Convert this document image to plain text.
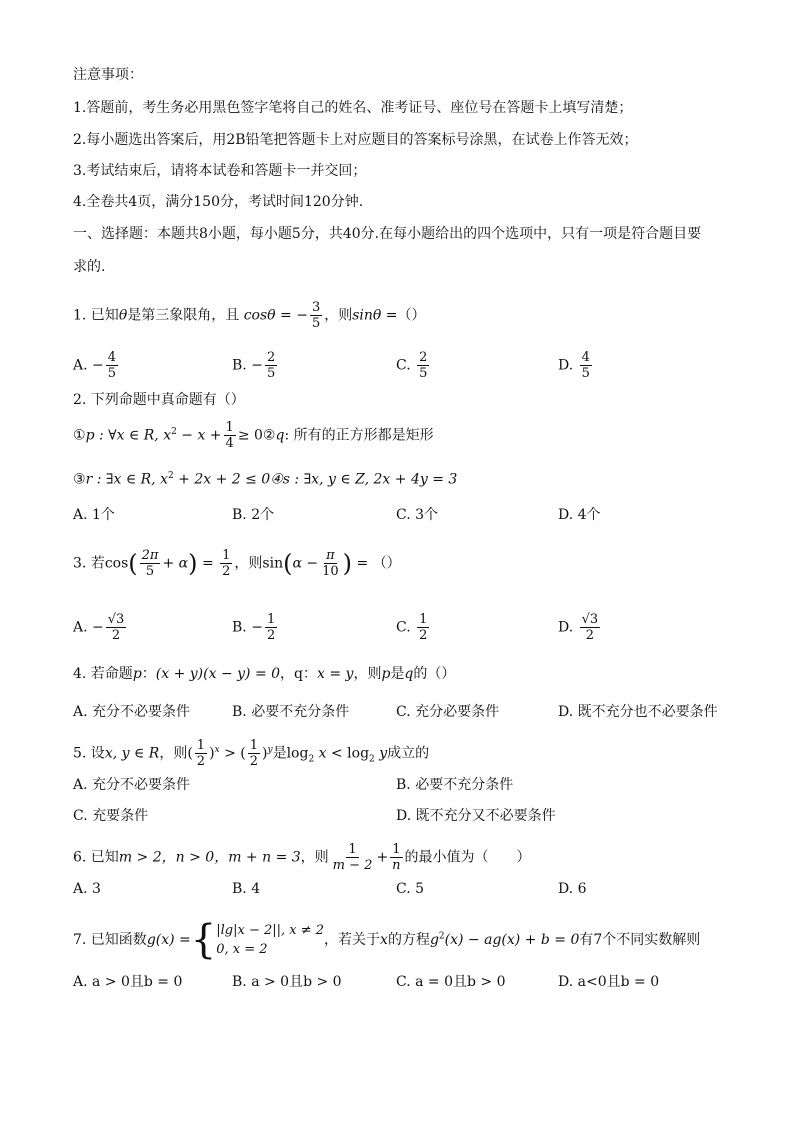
注意事项：
1.答题前，考生务必用黑色签字笔将自己的姓名、准考证号、座位号在答题卡上填写清楚；
2.每小题选出答案后，用2B铅笔把答题卡上对应题目的答案标号涂黑，在试卷上作答无效；
3.考试结束后，请将本试卷和答题卡一并交回；
4.全卷共4页，满分150分，考试时间120分钟.
一、选择题：本题共8小题，每小题5分，共40分.在每小题给出的四个选项中，只有一项是符合题目要
求的.
1. 已知θ是第三象限角，且 cosθ = − $\frac{3}{5}$ ，则sinθ =（）
A. − $\frac{4}{5}$	B. − $\frac{2}{5}$	C. $\frac{2}{5}$	D. $\frac{4}{5}$
2. 下列命题中真命题有（）
①p : ∀x ∈ R, $x^2 - x + \frac{1}{4}$ ≥ 0②q: 所有的正方形都是矩形
③r : ∃x ∈ R, $x^2 + 2x + 2$ ≤ 0④s : ∃x, y ∈ Z, 2x + 4y = 3
A. 1个	B. 2个	C. 3个	D. 4个
3. 若$\cos( \frac{2\pi}{5} + \alpha) = \frac{1}{2}$ ，则$\sin(\alpha - \frac{\pi}{10}$ ) = （）
A. − $\frac{√3}{2}$	B. − $\frac{1}{2}$	C. $\frac{1}{2}$	D. $\frac{√3}{2}$
4. 若命题p：(x + y)(x − y) = 0，q：x = y，则p是q的（）
A. 充分不必要条件	B. 必要不充分条件	C. 充分必要条件	D. 既不充分也不必要条件
5. 设x, y ∈ R，则( $\frac{1}{2} )^x$ > ( $\frac{1}{2} )^y$是$\log_2 x < \log_2 y$成立的
A. 充分不必要条件	B. 必要不充分条件
C. 充要条件	D. 既不充分又不必要条件
6. 已知m > 2，n > 0，m + n = 3，则 $\frac{1}{m - 2} + \frac{1}{n}$ 的最小值为（　　）
A. 3	B. 4	C. 5	D. 6
7. 已知函数g(x) = { |lg|x − 2||, x ≠ 2
0, x = 2
，若关于x的方程$g^2(x) - ag(x) + b = 0$有7个不同实数解则
A. a > 0且b = 0	B. a > 0且b > 0	C. a = 0且b > 0	D. a<0且b = 0
